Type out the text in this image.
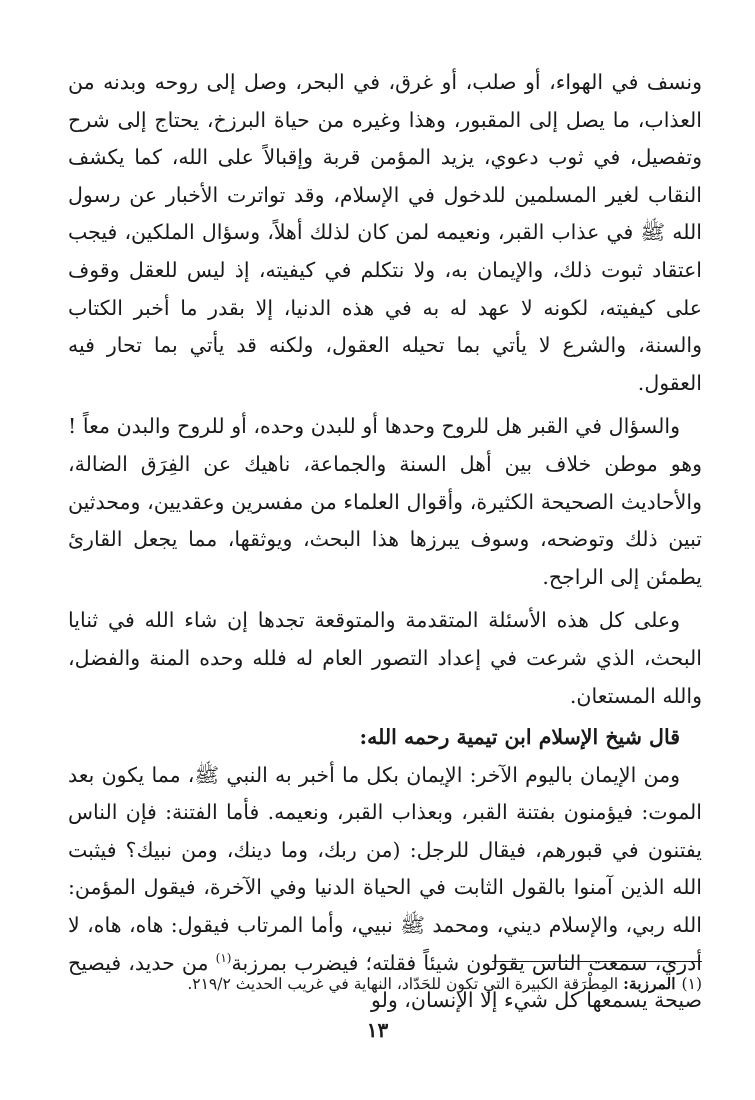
ونسف في الهواء، أو صلب، أو غرق، في البحر، وصل إلى روحه وبدنه من العذاب، ما يصل إلى المقبور، وهذا وغيره من حياة البرزخ، يحتاج إلى شرح وتفصيل، في ثوب دعوي، يزيد المؤمن قربة وإقبالاً على الله، كما يكشف النقاب لغير المسلمين للدخول في الإسلام، وقد تواترت الأخبار عن رسول الله ﷺ في عذاب القبر، ونعيمه لمن كان لذلك أهلاً، وسؤال الملكين، فيجب اعتقاد ثبوت ذلك، والإيمان به، ولا نتكلم في كيفيته، إذ ليس للعقل وقوف على كيفيته، لكونه لا عهد له به في هذه الدنيا، إلا بقدر ما أخبر الكتاب والسنة، والشرع لا يأتي بما تحيله العقول، ولكنه قد يأتي بما تحار فيه العقول.

والسؤال في القبر هل للروح وحدها أو للبدن وحده، أو للروح والبدن معاً ! وهو موطن خلاف بين أهل السنة والجماعة، ناهيك عن الفِرَق الضالة، والأحاديث الصحيحة الكثيرة، وأقوال العلماء من مفسرين وعقديين، ومحدثين تبين ذلك وتوضحه، وسوف يبرزها هذا البحث، ويوثقها، مما يجعل القارئ يطمئن إلى الراجح.

وعلى كل هذه الأسئلة المتقدمة والمتوقعة تجدها إن شاء الله في ثنايا البحث، الذي شرعت في إعداد التصور العام له فلله وحده المنة والفضل، والله المستعان.

قال شيخ الإسلام ابن تيمية رحمه الله:

ومن الإيمان باليوم الآخر: الإيمان بكل ما أخبر به النبي ﷺ، مما يكون بعد الموت: فيؤمنون بفتنة القبر، وبعذاب القبر، ونعيمه. فأما الفتنة: فإن الناس يفتنون في قبورهم، فيقال للرجل: (من ربك، وما دينك، ومن نبيك؟ فيثبت الله الذين آمنوا بالقول الثابت في الحياة الدنيا وفي الآخرة، فيقول المؤمن: الله ربي، والإسلام ديني، ومحمد ﷺ نبيي، وأما المرتاب فيقول: هاه، هاه، لا أدري، سمعت الناس يقولون شيئاً فقلته؛ فيضرب بمرزبة$^{(١)}$ من حديد، فيصيح صيحة يسمعها كل شيء إلا الإنسان، ولو

(١)المرزبة: المِطْرَقة الكبيرة التي تكون للحَدّاد، النهاية في غريب الحديث ٢١٩/٢.
١٣
